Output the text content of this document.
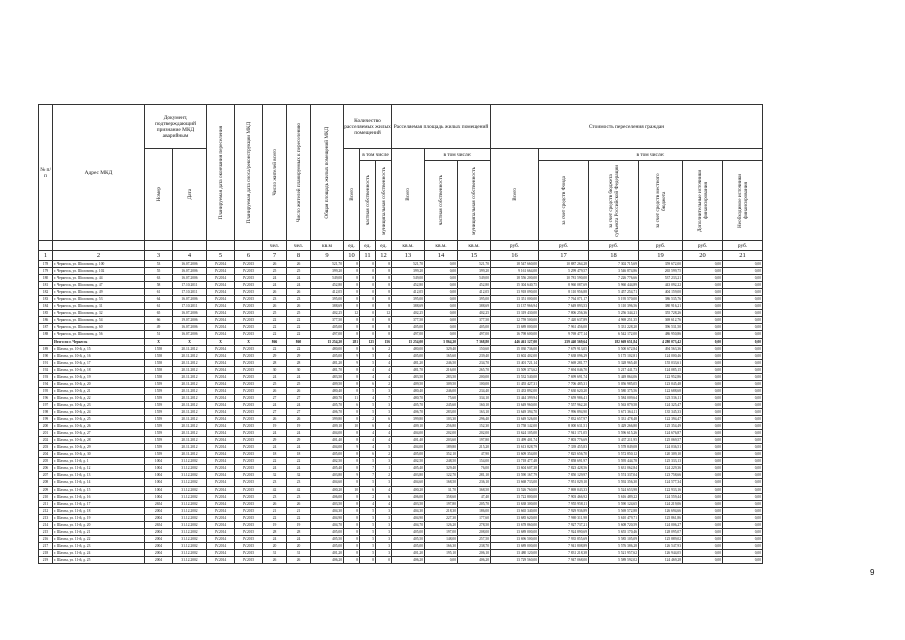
№ п/п	Адрес МКД	Документ, подтверждающий признание МКД аварийным		Планируемая дата окончания переселения	Планируемая дата сноса/реконструкции МКД	Число жителей всего	Число жителей планируемых к переселению	Общая площадь жилых помещений МКД	Количество расселяемых жилых помещений			Расселяемая площадь жилых помещений			Стоимость переселения граждан					

		Номер	Дата						Всего	в том числе		Всего	в том числе:		Всего	в том числе:				

										частная собственность	муниципальная собственность		частная собственность	муниципальная собственность		за счет средств Фонда	за счет средств бюджета субъекта Российской Федерации	за счет средств местного бюджета	Дополнительные источники финансирования	Необходимое источники финансирования

						чел.	чел.	кв.м	ед.	ед.	ед.	кв.м.	кв.м.	кв.м.	руб.	руб.	руб.	руб.	руб.	руб.
1	2	3	4	5	6	7	8	9	10	11	12	13	14	15	16	17	18	19	20	21
178	г. Черкесск, ул. Шолохова, д. 100	53	16.07.2006	IV.2014	IV.2015	26	26	521,70	8	0	8	521,70	0,00	521,70	18 547 660,00	10 887 264,28	7 302 715,69	359 672,00	0,00	0,00
179	г. Черкесск, ул. Шолохова, д. 102	55	16.07.2006	IV.2014	IV.2015	25	25	399,20	8	0	8	399,20	0,00	399,20	9 161 664,00	5 299 479,57	3 546 874,86	265 599,75	0,00	0,00
180	г. Черкесск, ул. Шолохова, д. 44	63	16.07.2006	IV.2014	IV.2015	24	24	549,00	8	0	8	549,00	0,00	549,00	18 556 200,00	10 781 590,00	7 226 776,66	537 233,21	0,00	0,00
181	г. Черкесск, ул. Шолохова, д. 47	58	17.10.2011	IV.2014	IV.2015	24	24	452,80	8	0	8	452,80	0,00	452,80	15 304 640,75	8 960 087,69	5 960 444,89	443 092,22	0,00	0,00
182	г. Черкесск, ул. Шолохова, д. 49	61	17.10.2011	IV.2014	IV.2015	26	26	412,05	8	0	8	412,05	0,00	412,05	13 918 090,00	8 110 956,88	5 457 254,71	404 159,00	0,00	0,00
183	г. Черкесск, ул. Шолохова, д. 53	64	16.07.2006	IV.2014	IV.2015	23	23	395,00	8	0	8	395,00	0,00	395,00	13 351 000,00	7 764 071,17	5 195 570,00	386 535,76	0,00	0,00
184	г. Черкесск, ул. Шолохова, д. 31	61	17.10.2011	IV.2014	IV.2015	26	26	388,69	8	0	8	388,69	0,00	388,69	13 137 966,94	7 649 893,53	5 110 396,56	380 916,21	0,00	0,00
185	г. Черкесск, ул. Шолохова, д. 32	65	16.07.2006	IV.2014	IV.2015	25	25	402,25	12	0	12	402,25	0,00	402,25	13 319 430,00	7 806 256,36	5 256 344,21	355 728,26	0,00	0,00
186	г. Черкесск, ул. Шолохова, д. 54	66	19.07.2006	IV.2014	IV.2015	22	22	377,50	8	0	8	377,50	0,00	377,50	12 759 500,00	7 420 637,89	4 969 251,35	369 612,76	0,00	0,00
187	г. Черкесск, ул. Шолохова, д. 60	49	16.07.2006	IV.2014	IV.2015	22	22	405,00	8	0	8	405,00	0,00	405,00	13 689 000,00	7 961 456,00	5 331 228,20	396 531,50	0,00	0,00
188	г. Черкесск, ул. Шолохова, д. 56	51	16.07.2006	IV.2014	IV.2015	22	22	497,00	8	0	8	497,00	0,00	497,00	16 798 600,00	9 769 477,14	6 542 172,00	486 950,86	0,00	0,00
	Итого по г. Черкесск	X	X	X	X	866	860	15 254,20	281	125	156	15 254,00	5 864,20	7 368,80	446 461 127,00	259 440 569,64	182 669 651,84	4 280 073,42	0,00	0,00
189	г. Шахты, ул. 10-й, д. 15	1558	20.11.2012	IV.2014	IV.2015	22	22	480,00	8	6	2	480,00	329,40	150,60	15 030 736,00	7 679 913,05	5 500 672,84	494 563,36	0,00	0,00
190	г. Шахты, ул. 10-й, д. 16	1558	20.11.2012	IV.2014	IV.2015	29	29	405,00	9	5	4	405,00	165,60	239,40	13 602 402,00	7 638 096,29	5 175 102,81	124 000,46	0,00	0,00
191	г. Шахты, ул. 10-й, д. 17	1558	20.11.2012	IV.2014	IV.2015	28	28	481,20	9	5	4	481,20	246,50	234,70	13 401 721,14	7 669 281,77	5 328 965,40	155 033,61	0,00	0,00
192	г. Шахты, ул. 10-й, д. 18	1558	20.11.2012	IV.2014	IV.2015	30	30	481,70	8	4	4	481,70	216,00	265,70	13 509 373,62	7 694 046,70	5 217 441,73	124 085,15	0,00	0,00
193	г. Шахты, ул. 10-й, д. 19	1558	20.11.2012	IV.2014	IV.2015	24	24	483,50	8	4	4	483,50	283,50	200,00	13 532 540,00	7 699 691,74	5 449 864,06	122 952,86	0,00	0,00
194	г. Шахты, ул. 10-й, д. 20	1559	20.11.2012	IV.2014	IV.2015	25	25	409,50	8	6	2	409,50	309,50	100,00	11 455 427,31	7 706 485,31	5 056 985,05	123 045,48	0,00	0,00
195	г. Шахты, ул. 10-й, д. 21	1559	20.11.2012	IV.2014	IV.2015	26	26	480,40	8	5	3	480,40	246,00	234,40	13 433 892,00	7 630 620,20	5 580 375,56	122 688,68	0,00	0,00
196	г. Шахты, ул. 10-й, д. 22	1559	20.11.2012	IV.2014	IV.2015	27	27	480,70	11	4	7	480,70	75,60	334,10	13 444 399,94	7 659 986,41	5 584 009,64	123 536,11	0,00	0,00
197	г. Шахты, ул. 10-й, д. 23	1559	20.11.2012	IV.2014	IV.2015	24	24	405,70	6	5	3	405,70	245,60	160,10	13 649 960,00	7 557 962,20	5 563 879,58	124 325,47	0,00	0,00
198	г. Шахты, ул. 10-й, д. 24	1559	20.11.2012	IV.2014	IV.2015	27	27	406,70	8	5	3	406,70	283,00	163,10	13 649 394,70	7 996 894,90	5 671 364,11	135 345,33	0,00	0,00
199	г. Шахты, ул. 10-й, д. 25	1559	20.11.2012	IV.2014	IV.2015	26	26	399,80	8	2	6	399,80	103,30	296,40	13 649 526,00	7 832 657,97	5 331 478,48	122 394,47	0,00	0,00
200	г. Шахты, ул. 10-й, д. 26	1559	20.11.2012	IV.2014	IV.2015	19	19	409,10	10	6	4	409,10	256,80	152,30	13 758 142,00	8 000 631,51	5 429 266,80	125 354,49	0,00	0,00
201	г. Шахты, ул. 10-й, д. 27	1559	20.11.2012	IV.2014	IV.2015	24	24	404,00	8	4	4	404,00	202,00	202,00	13 624 105,00	7 941 171,05	5 596 615,26	124 676,87	0,00	0,00
202	г. Шахты, ул. 10-й, д. 28	1559	20.11.2012	IV.2014	IV.2015	29	29	401,40	8	4	4	401,40	203,60	197,80	13 499 401,74	7 803 776,69	5 437 211,95	125 069,57	0,00	0,00
203	г. Шахты, ул. 10-й, д. 29	1559	20.11.2012	IV.2014	IV.2015	24	24	404,00	9	4	5	404,00	189,80	215,20	13 613 828,79	7 339 455,83	5 578 849,08	124 036,51	0,00	0,00
204	г. Шахты, ул. 10-й, д. 30	1559	20.11.2012	IV.2014	IV.2015	18	18	405,00	8	6	2	405,00	352,10	47,90	13 609 354,00	7 825 656,70	5 572 850,12	120 309,10	0,00	0,00
205	г. Шахты, ул. 11-й, д. 1	1004	31.12.2002	IV.2014	IV.2015	22	22	402,50	8	5	3	402,50	248,50	154,00	13 718 477,48	7 858 691,97	5 595 444,78	125 333,13	0,00	0,00
206	г. Шахты, ул. 11-й, д. 12	1004	31.12.2002	IV.2014	IV.2015	24	24	405,40	8	7	1	405,40	329,40	76,00	13 604 607,38	7 823 428,56	5 631 062,84	124 229,36	0,00	0,00
207	г. Шахты, ул. 11-й, д. 13	1004	31.12.2002	IV.2014	IV.2015	32	32	403,80	9	7	2	403,80	122,70	281,10	13 590 167,79	7 850 129,97	5 574 337,04	123 758,66	0,00	0,00
208	г. Шахты, ул. 11-й, д. 14	1004	31.12.2002	IV.2014	IV.2015	23	23	404,60	8	5	3	404,60	168,50	236,10	13 668 733,00	7 951 029,10	5 592 356,30	124 577,34	0,00	0,00
209	г. Шахты, ул. 11-й, д. 15	1004	31.12.2002	IV.2014	IV.2015	42	42	400,20	10	6	4	400,20	31,70	368,50	13 526 760,00	7 869 043,33	5 524 653,98	122 933,16	0,00	0,00
210	г. Шахты, ул. 11-й, д. 16	1004	31.12.2002	IV.2014	IV.2015	23	23	406,00	8	2	6	406,00	358,60	47,40	13 722 800,00	7 903 466,92	5 616 489,22	124 559,44	0,00	0,00
211	г. Шахты, ул. 11-й, д. 17	2654	31.12.2002	IV.2014	IV.2015	26	26	403,50	8	4	4	403,50	197,80	205,70	13 638 300,00	7 955 958,11	5 590 124,65	124 219,06	0,00	0,00
212	г. Шахты, ул. 11-й, д. 18	2004	31.12.2002	IV.2014	IV.2015	21	21	404,30	8	5	3	404,30	218,30	186,00	13 665 340,00	7 929 936,89	5 569 572,88	126 694,66	0,00	0,00
213	г. Шахты, ул. 11-й, д. 19	2004	31.12.2002	IV.2014	IV.2015	22	22	404,90	8	5	3	404,90	227,30	177,60	13 685 620,00	7 969 311,98	5 610 479,71	125 861,86	0,00	0,00
214	г. Шахты, ул. 11-й, д. 20	2654	31.12.2002	IV.2014	IV.2015	19	19	404,70	8	5	3	404,70	126,20	278,50	13 678 860,00	7 927 737,21	5 608 720,59	124 006,27	0,00	0,00
215	г. Шахты, ул. 11-й, д. 21	2004	31.12.2002	IV.2014	IV.2015	28	28	405,00	8	5	3	405,00	197,00	208,00	13 689 000,00	7 924 890,69	5 655 170,46	128 095,07	0,00	0,00
216	г. Шахты, ул. 11-й, д. 22	2004	31.12.2002	IV.2014	IV.2015	24	24	405,50	8	5	3	405,50	148,00	257,50	13 696 500,00	7 935 855,69	5 585 105,09	125 889,02	0,00	0,00
217	г. Шахты, ул. 11-й, д. 23	2004	31.12.2002	IV.2014	IV.2015	20	20	405,00	8	5	3	405,00	166,30	238,70	13 689 000,00	7 941 808,89	5 576 386,28	126 547,93	0,00	0,00
218	г. Шахты, ул. 11-й, д. 24	2004	31.12.2002	IV.2014	IV.2015	31	31	401,20	8	5	3	401,20	195,10	206,10	13 480 120,00	7 831 218,38	5 521 957,62	126 944,05	0,00	0,00
219	г. Шахты, ул. 11-й, д. 25	2004	31.12.2002	IV.2014	IV.2015	26	26	406,20	8	8	0	406,20	0,00	406,20	13 729 560,00	7 947 068,00	5 589 592,02	124 469,28	0,00	0,00
9
